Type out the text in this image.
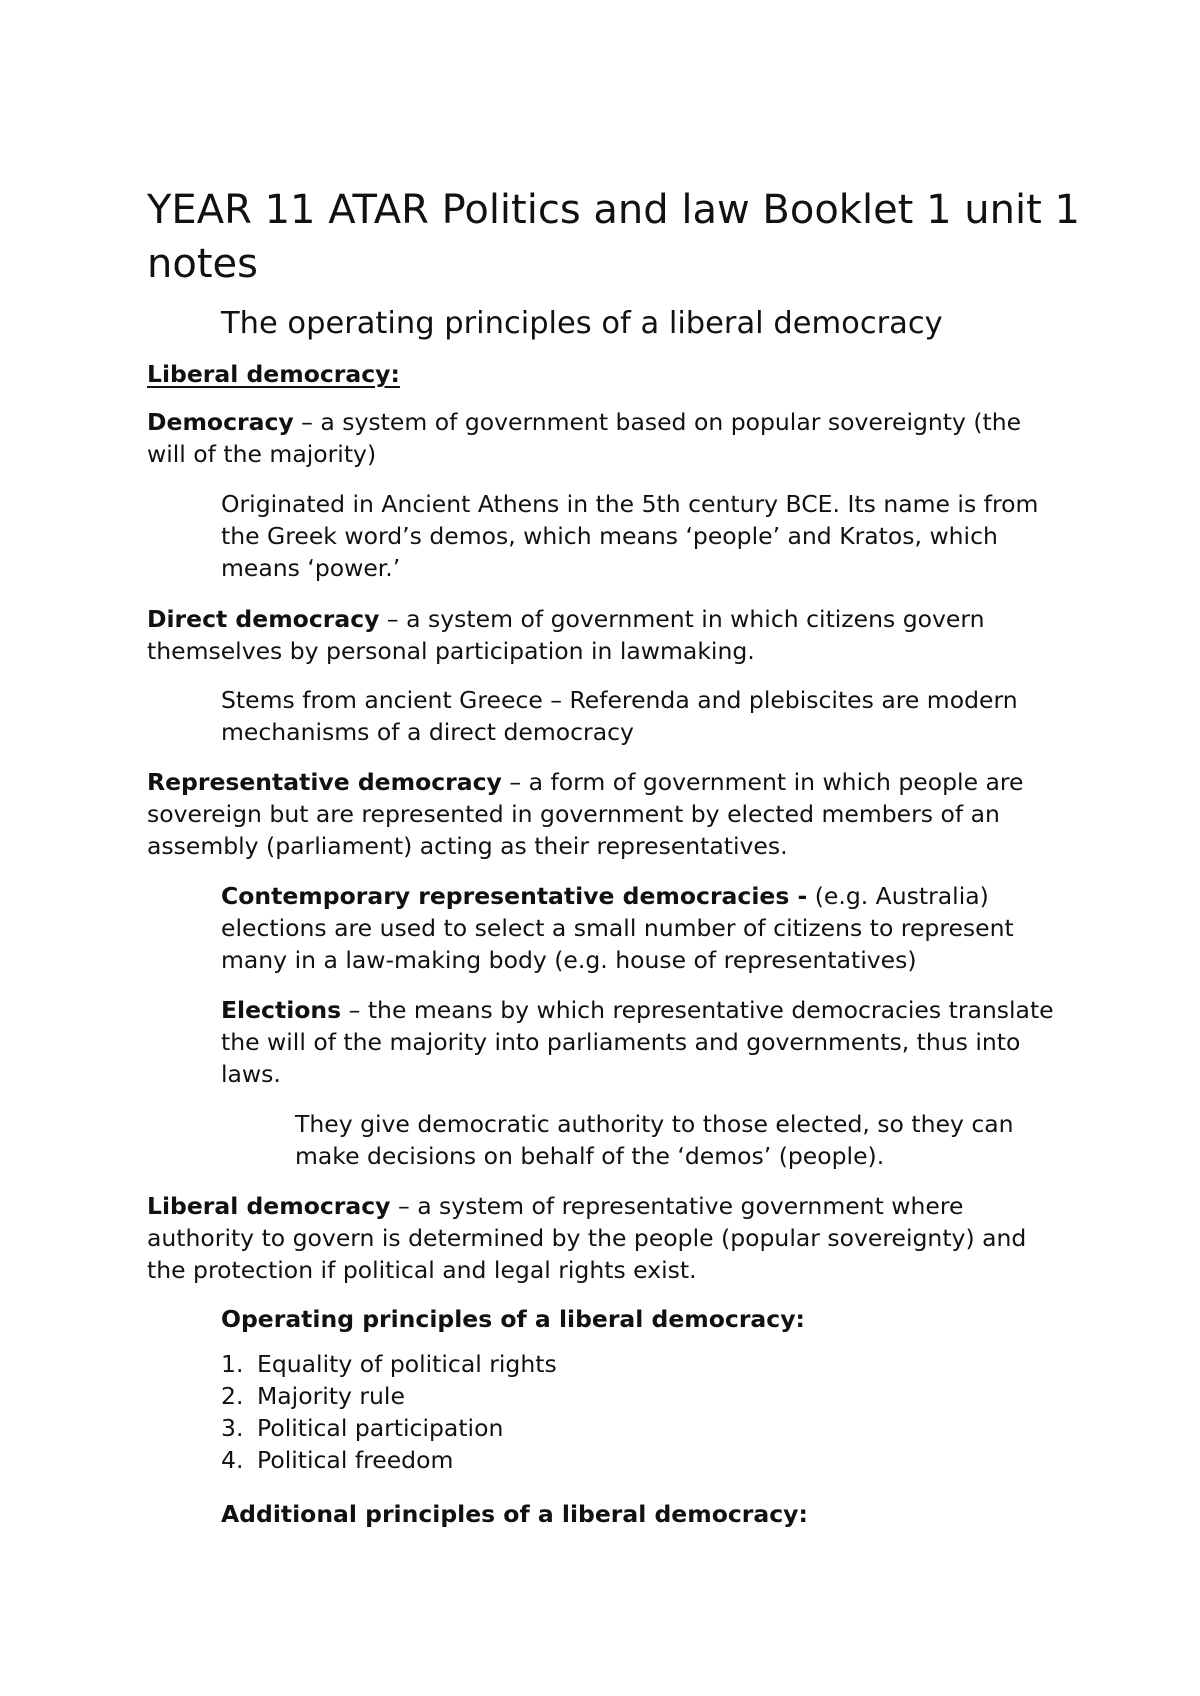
YEAR 11 ATAR Politics and law Booklet 1 unit 1 notes
The operating principles of a liberal democracy

Liberal democracy:

Democracy – a system of government based on popular sovereignty (the will of the majority)

Originated in Ancient Athens in the 5th century BCE. Its name is from the Greek word’s demos, which means ‘people’ and Kratos, which means ‘power.’

Direct democracy – a system of government in which citizens govern themselves by personal participation in lawmaking.

Stems from ancient Greece – Referenda and plebiscites are modern mechanisms of a direct democracy

Representative democracy – a form of government in which people are sovereign but are represented in government by elected members of an assembly (parliament) acting as their representatives.

Contemporary representative democracies - (e.g. Australia) elections are used to select a small number of citizens to represent many in a law-making body (e.g. house of representatives)

Elections – the means by which representative democracies translate the will of the majority into parliaments and governments, thus into laws.

They give democratic authority to those elected, so they can make decisions on behalf of the ‘demos’ (people).

Liberal democracy – a system of representative government where authority to govern is determined by the people (popular sovereignty) and the protection if political and legal rights exist.

Operating principles of a liberal democracy:

1. Equality of political rights
2. Majority rule
3. Political participation
4. Political freedom

Additional principles of a liberal democracy:
